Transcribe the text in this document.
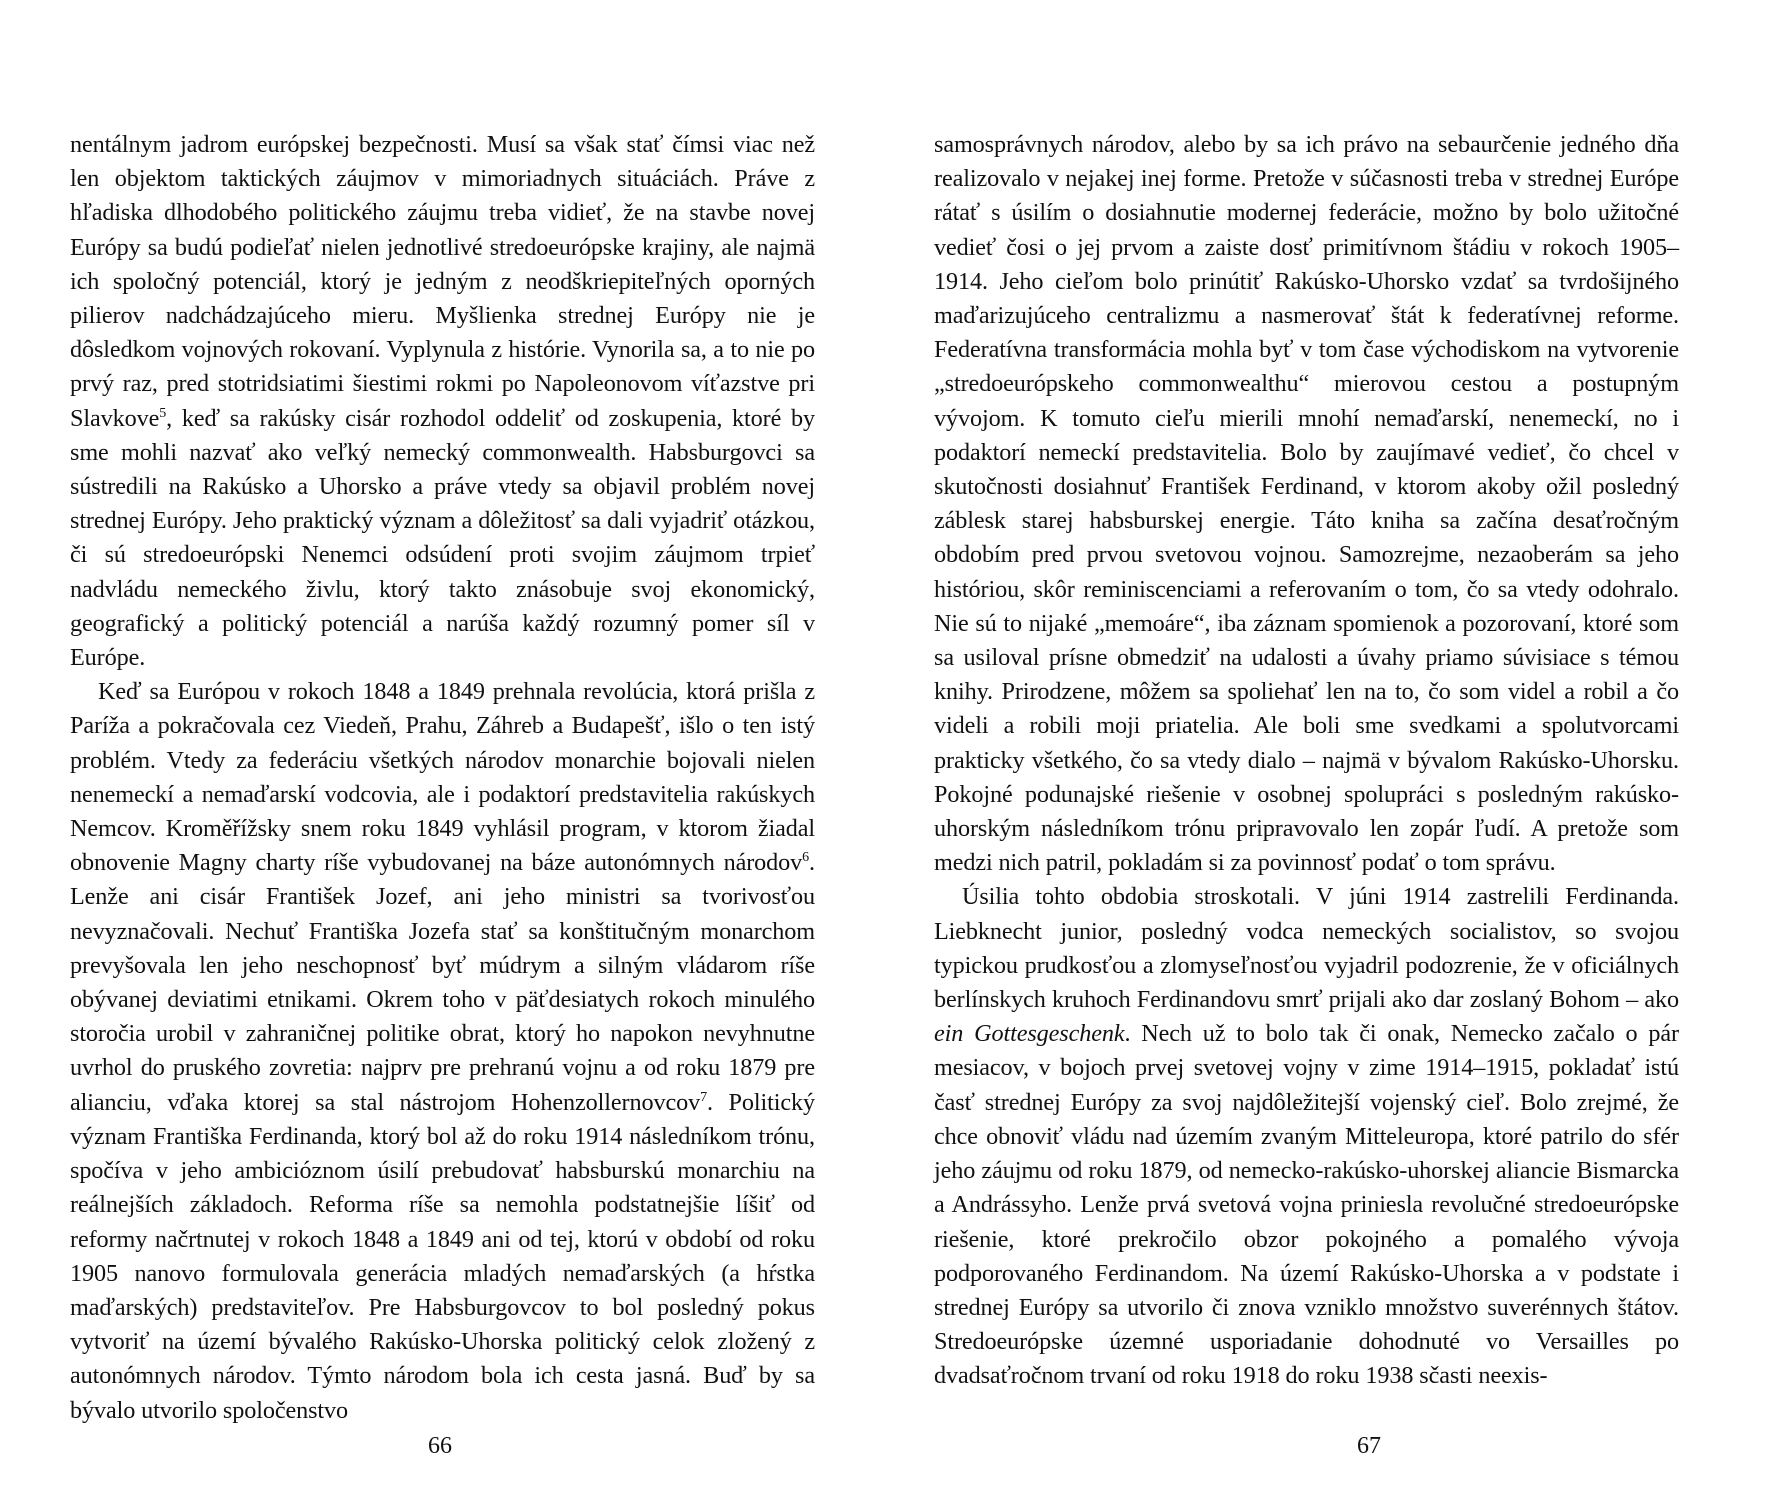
nentálnym jadrom európskej bezpečnosti. Musí sa však stať čímsi viac než len objektom taktických záujmov v mimoriadnych situáciách. Práve z hľadiska dlhodobého politického záujmu treba vidieť, že na stavbe novej Európy sa budú podieľať nielen jednotlivé stredoeurópske krajiny, ale najmä ich spoločný potenciál, ktorý je jedným z neodškriepiteľných oporných pilierov nadchádzajúceho mieru. Myšlienka strednej Európy nie je dôsledkom vojnových rokovaní. Vyplynula z histórie. Vynorila sa, a to nie po prvý raz, pred stotridsiatimi šiestimi rokmi po Napoleonovom víťazstve pri Slavkove$^5$, keď sa rakúsky cisár rozhodol oddeliť od zoskupenia, ktoré by sme mohli nazvať ako veľký nemecký commonwealth. Habsburgovci sa sústredili na Rakúsko a Uhorsko a práve vtedy sa objavil problém novej strednej Európy. Jeho praktický význam a dôležitosť sa dali vyjadriť otázkou, či sú stredoeurópski Nenemci odsúdení proti svojim záujmom trpieť nadvládu nemeckého živlu, ktorý takto znásobuje svoj ekonomický, geografický a politický potenciál a narúša každý rozumný pomer síl v Európe.

Keď sa Európou v rokoch 1848 a 1849 prehnala revolúcia, ktorá prišla z Paríža a pokračovala cez Viedeň, Prahu, Záhreb a Budapešť, išlo o ten istý problém. Vtedy za federáciu všetkých národov monarchie bojovali nielen nenemeckí a nemaďarskí vodcovia, ale i podaktorí predstavitelia rakúskych Nemcov. Kroměřížsky snem roku 1849 vyhlásil program, v ktorom žiadal obnovenie Magny charty ríše vybudovanej na báze autonómnych národov$^6$. Lenže ani cisár František Jozef, ani jeho ministri sa tvorivosťou nevyznačovali. Nechuť Františka Jozefa stať sa konštitučným monarchom prevyšovala len jeho neschopnosť byť múdrym a silným vládarom ríše obývanej deviatimi etnikami. Okrem toho v päťdesiatych rokoch minulého storočia urobil v zahraničnej politike obrat, ktorý ho napokon nevyhnutne uvrhol do pruského zovretia: najprv pre prehranú vojnu a od roku 1879 pre alianciu, vďaka ktorej sa stal nástrojom Hohenzollernovcov$^7$. Politický význam Františka Ferdinanda, ktorý bol až do roku 1914 následníkom trónu, spočíva v jeho ambicióznom úsilí prebudovať habsburskú monarchiu na reálnejších základoch. Reforma ríše sa nemohla podstatnejšie líšiť od reformy načrtnutej v rokoch 1848 a 1849 ani od tej, ktorú v období od roku 1905 nanovo formulovala generácia mladých nemaďarských (a hŕstka maďarských) predstaviteľov. Pre Habsburgovcov to bol posledný pokus vytvoriť na území bývalého Rakúsko-Uhorska politický celok zložený z autonómnych národov. Týmto národom bola ich cesta jasná. Buď by sa bývalo utvorilo spoločenstvo

66

samosprávnych národov, alebo by sa ich právo na sebaurčenie jedného dňa realizovalo v nejakej inej forme. Pretože v súčasnosti treba v strednej Európe rátať s úsilím o dosiahnutie modernej federácie, možno by bolo užitočné vedieť čosi o jej prvom a zaiste dosť primitívnom štádiu v rokoch 1905–1914. Jeho cieľom bolo prinútiť Rakúsko-Uhorsko vzdať sa tvrdošijného maďarizujúceho centralizmu a nasmerovať štát k federatívnej reforme. Federatívna transformácia mohla byť v tom čase východiskom na vytvorenie „stredoeurópskeho commonwealthu“ mierovou cestou a postupným vývojom. K tomuto cieľu mierili mnohí nemaďarskí, nenemeckí, no i podaktorí nemeckí predstavitelia. Bolo by zaujímavé vedieť, čo chcel v skutočnosti dosiahnuť František Ferdinand, v ktorom akoby ožil posledný záblesk starej habsburskej energie. Táto kniha sa začína desaťročným obdobím pred prvou svetovou vojnou. Samozrejme, nezaoberám sa jeho históriou, skôr reminiscenciami a referovaním o tom, čo sa vtedy odohralo. Nie sú to nijaké „memoáre“, iba záznam spomienok a pozorovaní, ktoré som sa usiloval prísne obmedziť na udalosti a úvahy priamo súvisiace s témou knihy. Prirodzene, môžem sa spoliehať len na to, čo som videl a robil a čo videli a robili moji priatelia. Ale boli sme svedkami a spolutvorcami prakticky všetkého, čo sa vtedy dialo – najmä v bývalom Rakúsko-Uhorsku. Pokojné podunajské riešenie v osobnej spolupráci s posledným rakúsko-uhorským následníkom trónu pripravovalo len zopár ľudí. A pretože som medzi nich patril, pokladám si za povinnosť podať o tom správu.

Úsilia tohto obdobia stroskotali. V júni 1914 zastrelili Ferdinanda. Liebknecht junior, posledný vodca nemeckých socialistov, so svojou typickou prudkosťou a zlomyseľnosťou vyjadril podozrenie, že v oficiálnych berlínskych kruhoch Ferdinandovu smrť prijali ako dar zoslaný Bohom – ako ein Gottesgeschenk. Nech už to bolo tak či onak, Nemecko začalo o pár mesiacov, v bojoch prvej svetovej vojny v zime 1914–1915, pokladať istú časť strednej Európy za svoj najdôležitejší vojenský cieľ. Bolo zrejmé, že chce obnoviť vládu nad územím zvaným Mitteleuropa, ktoré patrilo do sfér jeho záujmu od roku 1879, od nemecko-rakúsko-uhorskej aliancie Bismarcka a Andrássyho. Lenže prvá svetová vojna priniesla revolučné stredoeurópske riešenie, ktoré prekročilo obzor pokojného a pomalého vývoja podporovaného Ferdinandom. Na území Rakúsko-Uhorska a v podstate i strednej Európy sa utvorilo či znova vzniklo množstvo suverénnych štátov. Stredoeurópske územné usporiadanie dohodnuté vo Versailles po dvadsaťročnom trvaní od roku 1918 do roku 1938 sčasti neexis-

67
